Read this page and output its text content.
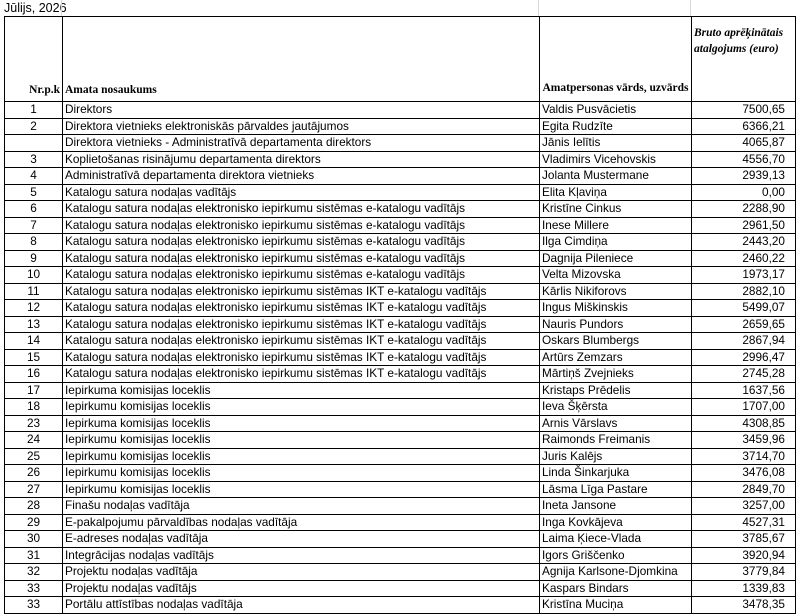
Jūlijs, 2026
Nr.p.k	Amata nosaukums	Amatpersonas vārds, uzvārds	Bruto aprēķinātais atalgojums (euro)
1	Direktors	Valdis Pusvācietis	7500,65
2	Direktora vietnieks elektroniskās pārvaldes jautājumos	Egita Rudzīte	6366,21
	Direktora vietnieks - Administratīvā departamenta direktors	Jānis Ielītis	4065,87
3	Koplietošanas risinājumu departamenta direktors	Vladimirs Vicehovskis	4556,70
4	Administratīvā departamenta direktora vietnieks	Jolanta Mustermane	2939,13
5	Katalogu satura nodaļas vadītājs	Elita Kļaviņa	0,00
6	Katalogu satura nodaļas elektronisko iepirkumu sistēmas e-katalogu vadītājs	Kristīne Cinkus	2288,90
7	Katalogu satura nodaļas elektronisko iepirkumu sistēmas e-katalogu vadītājs	Inese Millere	2961,50
8	Katalogu satura nodaļas elektronisko iepirkumu sistēmas e-katalogu vadītājs	Ilga Cimdiņa	2443,20
9	Katalogu satura nodaļas elektronisko iepirkumu sistēmas e-katalogu vadītājs	Dagnija Pileniece	2460,22
10	Katalogu satura nodaļas elektronisko iepirkumu sistēmas e-katalogu vadītājs	Velta Mizovska	1973,17
11	Katalogu satura nodaļas elektronisko iepirkumu sistēmas IKT e-katalogu vadītājs	Kārlis Nikiforovs	2882,10
12	Katalogu satura nodaļas elektronisko iepirkumu sistēmas IKT e-katalogu vadītājs	Ingus Miškinskis	5499,07
13	Katalogu satura nodaļas elektronisko iepirkumu sistēmas IKT e-katalogu vadītājs	Nauris Pundors	2659,65
14	Katalogu satura nodaļas elektronisko iepirkumu sistēmas IKT e-katalogu vadītājs	Oskars Blumbergs	2867,94
15	Katalogu satura nodaļas elektronisko iepirkumu sistēmas IKT e-katalogu vadītājs	Artūrs Zemzars	2996,47
16	Katalogu satura nodaļas elektronisko iepirkumu sistēmas IKT e-katalogu vadītājs	Mārtiņš Zvejnieks	2745,28
17	Iepirkuma komisijas loceklis	Kristaps Prēdelis	1637,56
18	Iepirkumu komisijas loceklis	Ieva Šķērsta	1707,00
23	Iepirkuma komisijas loceklis	Arnis Vārslavs	4308,85
24	Iepirkumu komisijas loceklis	Raimonds Freimanis	3459,96
25	Iepirkumu komisijas loceklis	Juris Kalējs	3714,70
26	Iepirkumu komisijas loceklis	Linda Šinkarjuka	3476,08
27	Iepirkumu komisijas loceklis	Lāsma Līga Pastare	2849,70
28	Finašu nodaļas vadītāja	Ineta Jansone	3257,00
29	E-pakalpojumu pārvaldības nodaļas vadītāja	Inga Kovkājeva	4527,31
30	E-adreses nodaļas vadītāja	Laima Ķiece-Vlada	3785,67
31	Integrācijas nodaļas vadītājs	Igors Griščenko	3920,94
32	Projektu nodaļas vadītāja	Agnija Karlsone-Djomkina	3779,84
33	Projektu nodaļas vadītājs	Kaspars Bindars	1339,83
33	Portālu attīstības nodaļas vadītāja	Kristīna Muciņa	3478,35
